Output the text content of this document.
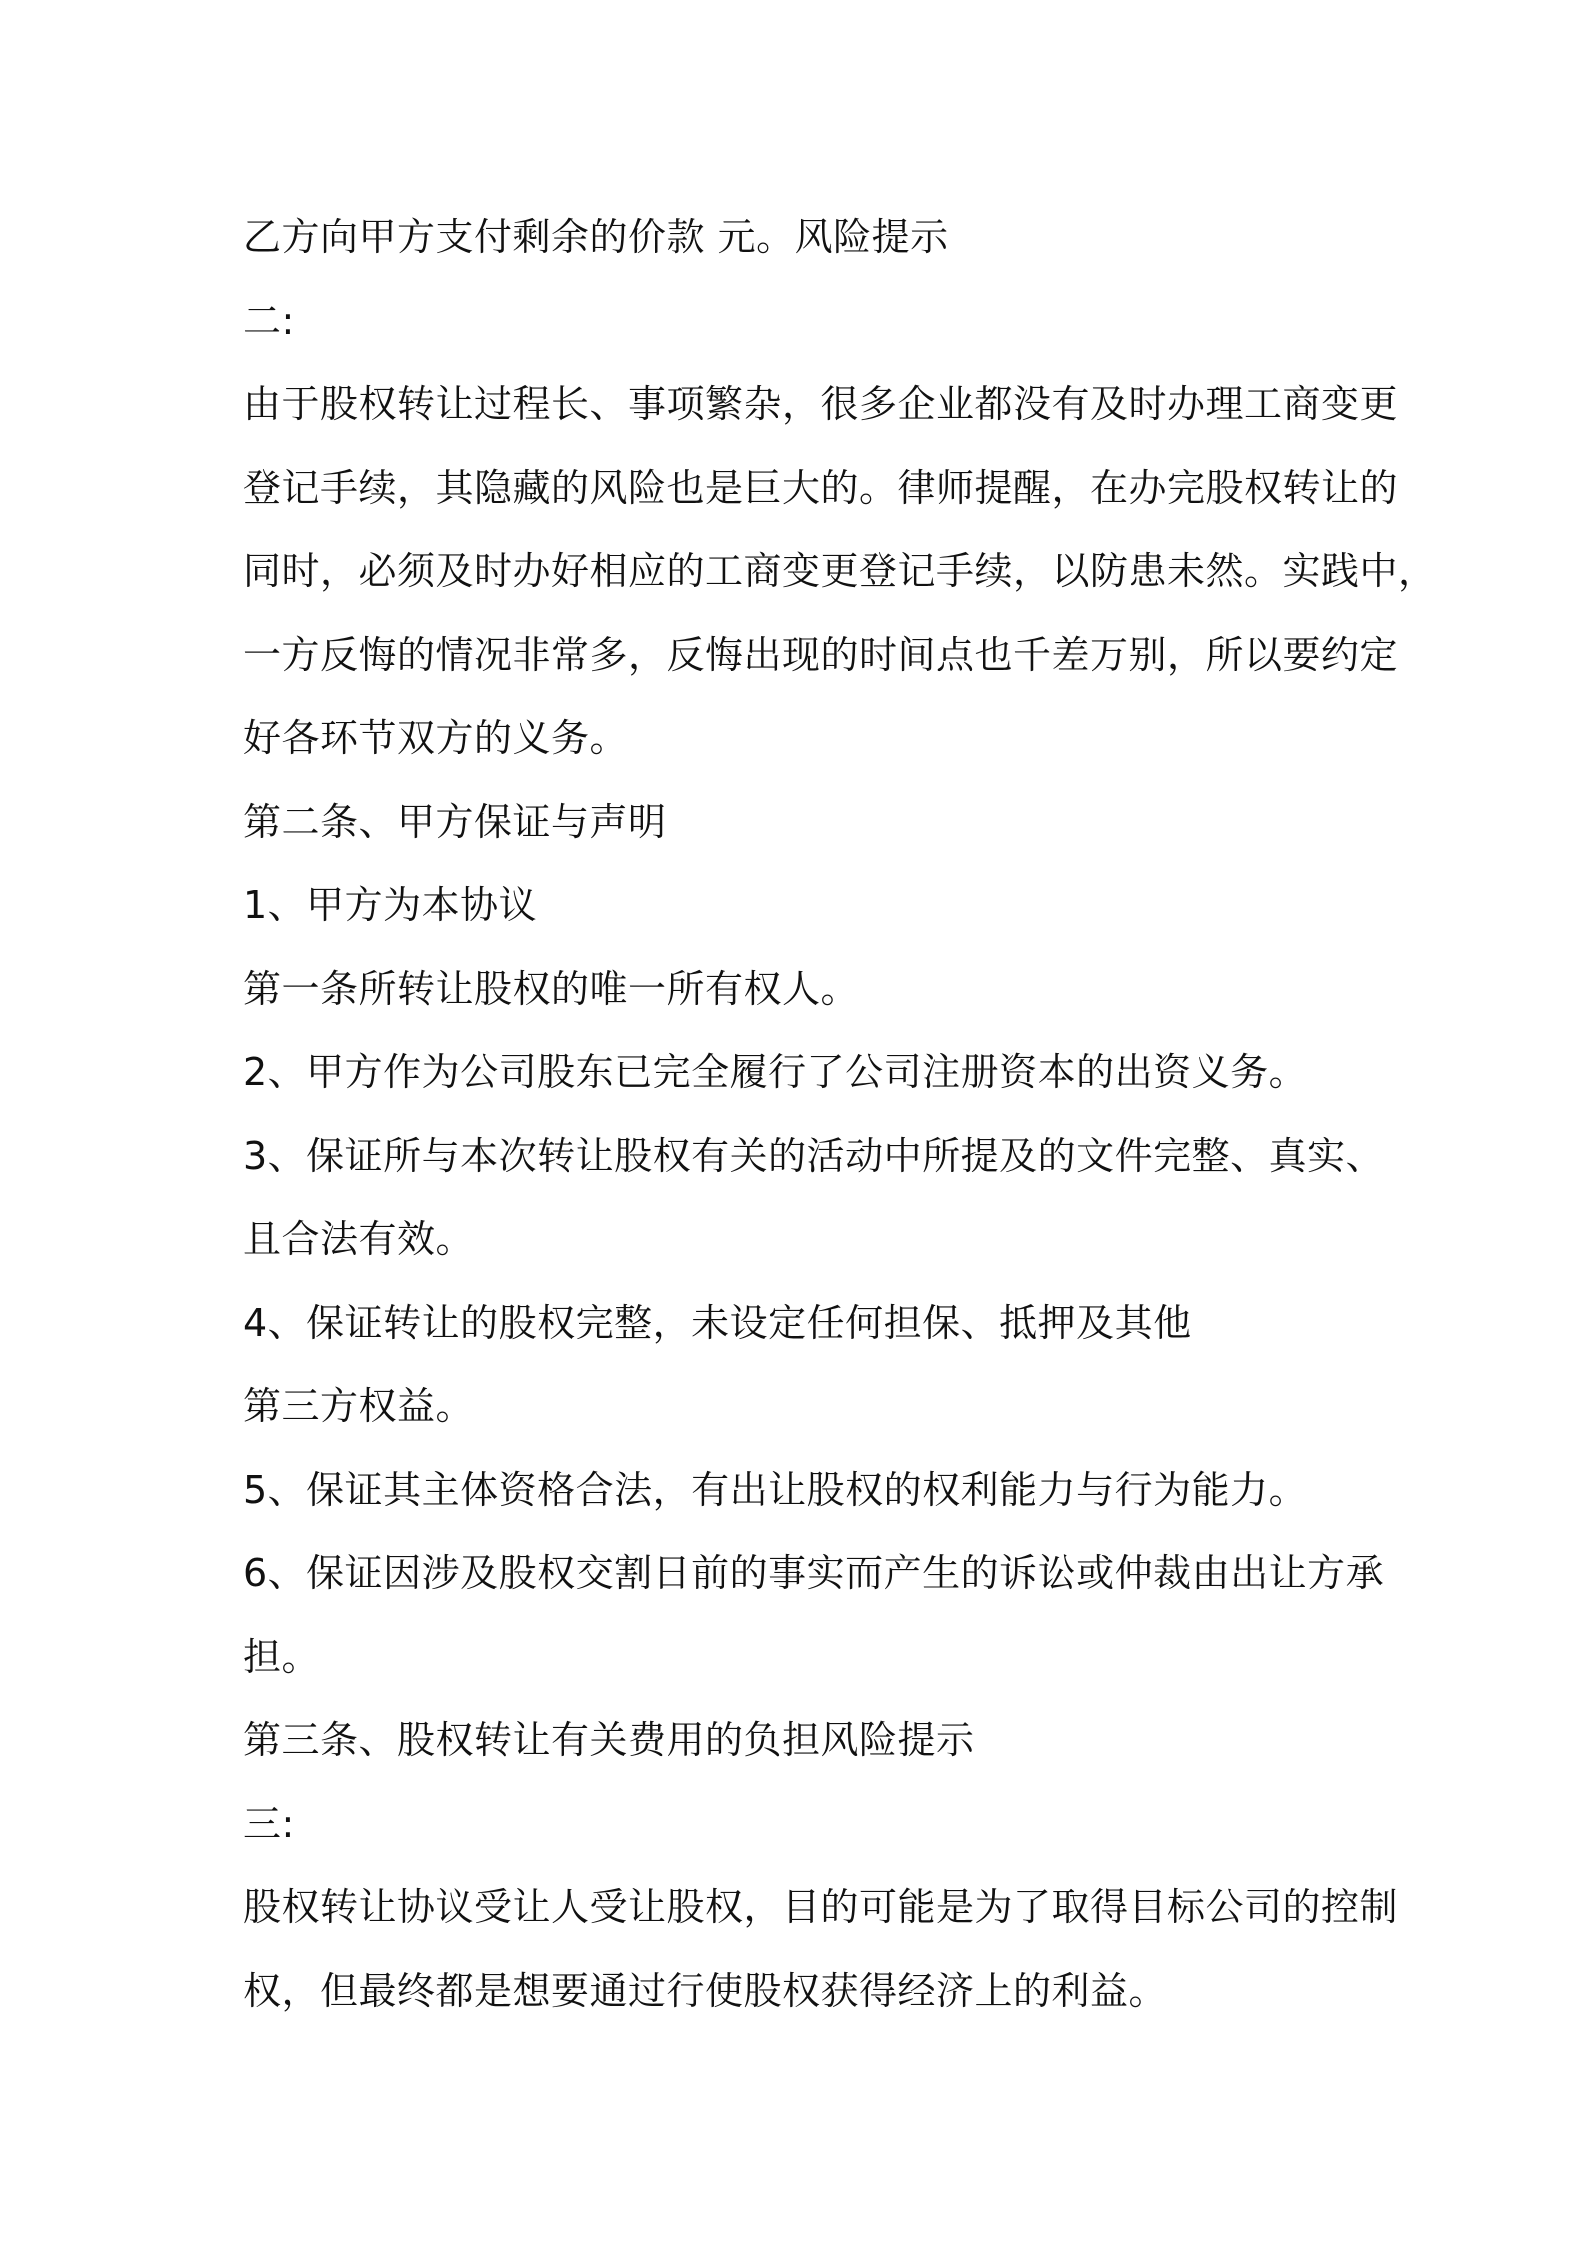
乙方向甲方支付剩余的价款 元。风险提示
二:
由于股权转让过程长、事项繁杂，很多企业都没有及时办理工商变更
登记手续，其隐藏的风险也是巨大的。律师提醒，在办完股权转让的
同时，必须及时办好相应的工商变更登记手续，以防患未然。实践中，
一方反悔的情况非常多，反悔出现的时间点也千差万别，所以要约定
好各环节双方的义务。
第二条、甲方保证与声明
1、甲方为本协议
第一条所转让股权的唯一所有权人。
2、甲方作为公司股东已完全履行了公司注册资本的出资义务。
3、保证所与本次转让股权有关的活动中所提及的文件完整、真实、
且合法有效。
4、保证转让的股权完整，未设定任何担保、抵押及其他
第三方权益。
5、保证其主体资格合法，有出让股权的权利能力与行为能力。
6、保证因涉及股权交割日前的事实而产生的诉讼或仲裁由出让方承
担。
第三条、股权转让有关费用的负担风险提示
三:
股权转让协议受让人受让股权，目的可能是为了取得目标公司的控制
权，但最终都是想要通过行使股权获得经济上的利益。
